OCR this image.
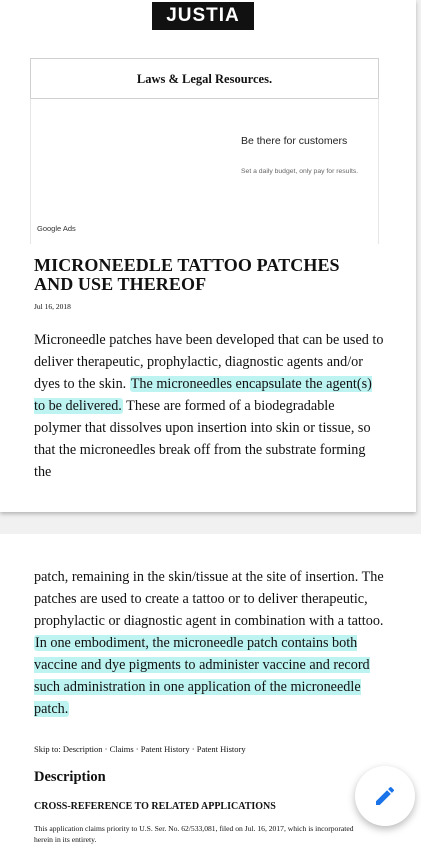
JUSTIA
Laws & Legal Resources.
Be there for customers
Set a daily budget, only pay for results.
Google Ads
MICRONEEDLE TATTOO PATCHES AND USE THEREOF
Jul 16, 2018

Microneedle patches have been developed that can be used to deliver therapeutic, prophylactic, diagnostic agents and/or dyes to the skin. The microneedles encapsulate the agent(s) to be delivered. These are formed of a biodegradable polymer that dissolves upon insertion into skin or tissue, so that the microneedles break off from the substrate forming the

patch, remaining in the skin/tissue at the site of insertion. The patches are used to create a tattoo or to deliver therapeutic, prophylactic or diagnostic agent in combination with a tattoo. In one embodiment, the microneedle patch contains both vaccine and dye pigments to administer vaccine and record such administration in one application of the microneedle patch.

Skip to: Description · Claims · Patent History · Patent History
Description
CROSS-REFERENCE TO RELATED APPLICATIONS

This application claims priority to U.S. Ser. No. 62/533,081, filed on Jul. 16, 2017, which is incorporated herein in its entirety.
